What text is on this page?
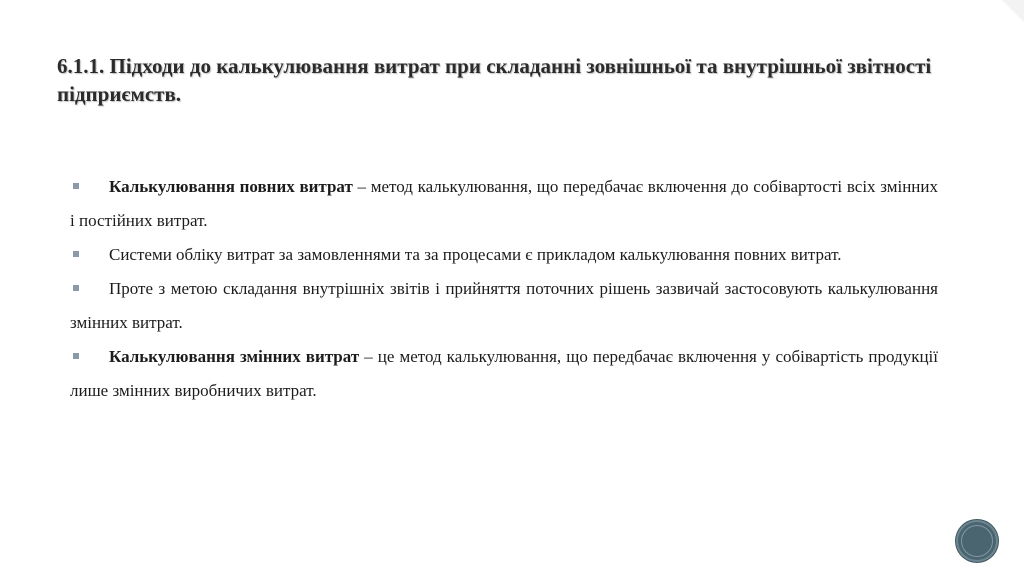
6.1.1. Підходи до калькулювання витрат при складанні зовнішньої та внутрішньої звітності підприємств.

Калькулювання повних витрат – метод калькулювання, що передбачає включення до собівартості всіх змінних і постійних витрат.

Системи обліку витрат за замовленнями та за процесами є прикладом калькулювання повних витрат.

Проте з метою складання внутрішніх звітів і прийняття поточних рішень зазвичай застосовують калькулювання змінних витрат.

Калькулювання змінних витрат – це метод калькулювання, що передбачає включення у собівартість продукції лише змінних виробничих витрат.
